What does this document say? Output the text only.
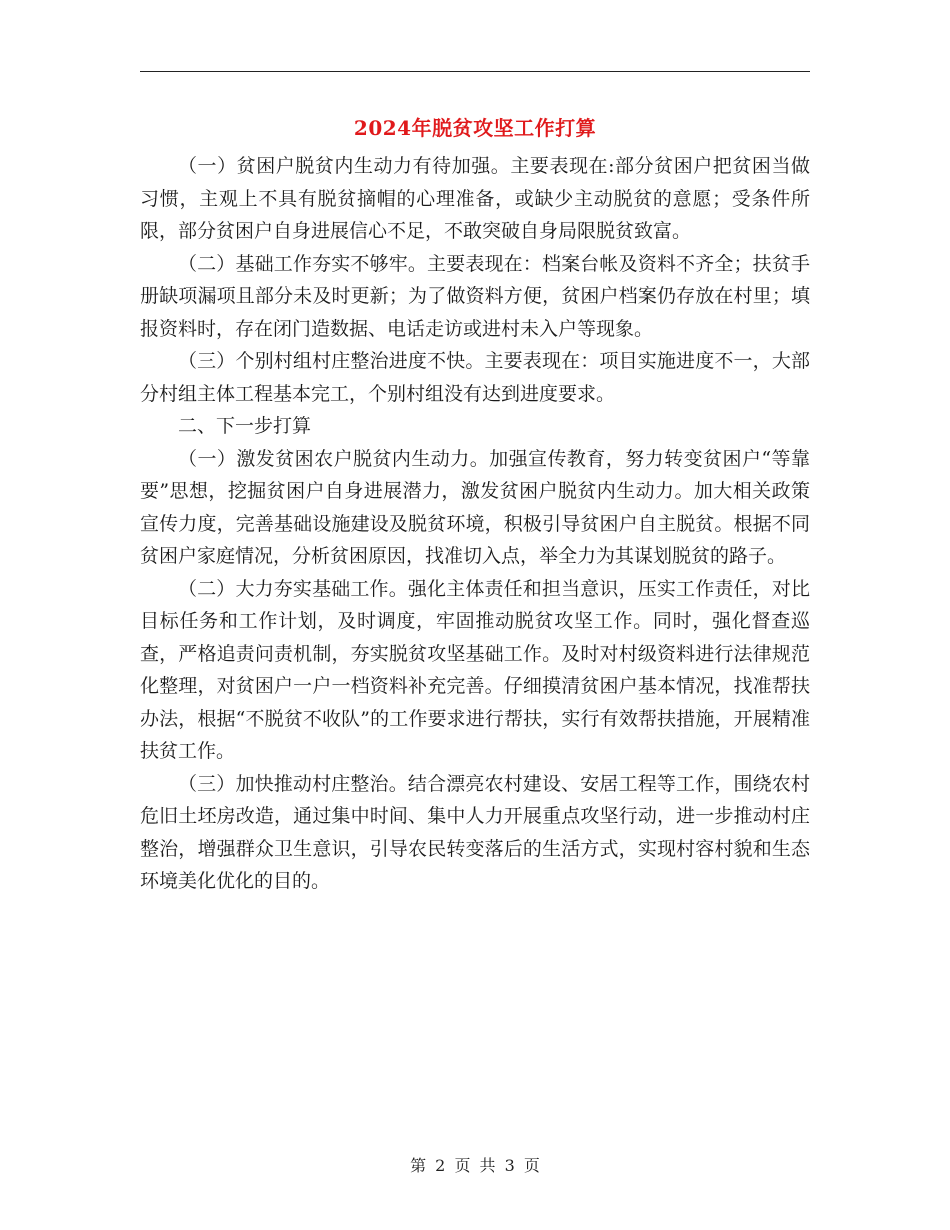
2024年脱贫攻坚工作打算

（一）贫困户脱贫内生动力有待加强。主要表现在:部分贫困户把贫困当做习惯，主观上不具有脱贫摘帽的心理准备，或缺少主动脱贫的意愿；受条件所限，部分贫困户自身进展信心不足，不敢突破自身局限脱贫致富。

（二）基础工作夯实不够牢。主要表现在：档案台帐及资料不齐全；扶贫手册缺项漏项且部分未及时更新；为了做资料方便，贫困户档案仍存放在村里；填报资料时，存在闭门造数据、电话走访或进村未入户等现象。

（三）个别村组村庄整治进度不快。主要表现在：项目实施进度不一，大部分村组主体工程基本完工，个别村组没有达到进度要求。

二、下一步打算

（一）激发贫困农户脱贫内生动力。加强宣传教育，努力转变贫困户“等靠要”思想，挖掘贫困户自身进展潜力，激发贫困户脱贫内生动力。加大相关政策宣传力度，完善基础设施建设及脱贫环境，积极引导贫困户自主脱贫。根据不同贫困户家庭情况，分析贫困原因，找准切入点，举全力为其谋划脱贫的路子。

（二）大力夯实基础工作。强化主体责任和担当意识，压实工作责任，对比目标任务和工作计划，及时调度，牢固推动脱贫攻坚工作。同时，强化督查巡查，严格追责问责机制，夯实脱贫攻坚基础工作。及时对村级资料进行法律规范化整理，对贫困户一户一档资料补充完善。仔细摸清贫困户基本情况，找准帮扶办法，根据“不脱贫不收队”的工作要求进行帮扶，实行有效帮扶措施，开展精准扶贫工作。

（三）加快推动村庄整治。结合漂亮农村建设、安居工程等工作，围绕农村危旧土坯房改造，通过集中时间、集中人力开展重点攻坚行动，进一步推动村庄整治，增强群众卫生意识，引导农民转变落后的生活方式，实现村容村貌和生态环境美化优化的目的。

第 2 页 共 3 页
